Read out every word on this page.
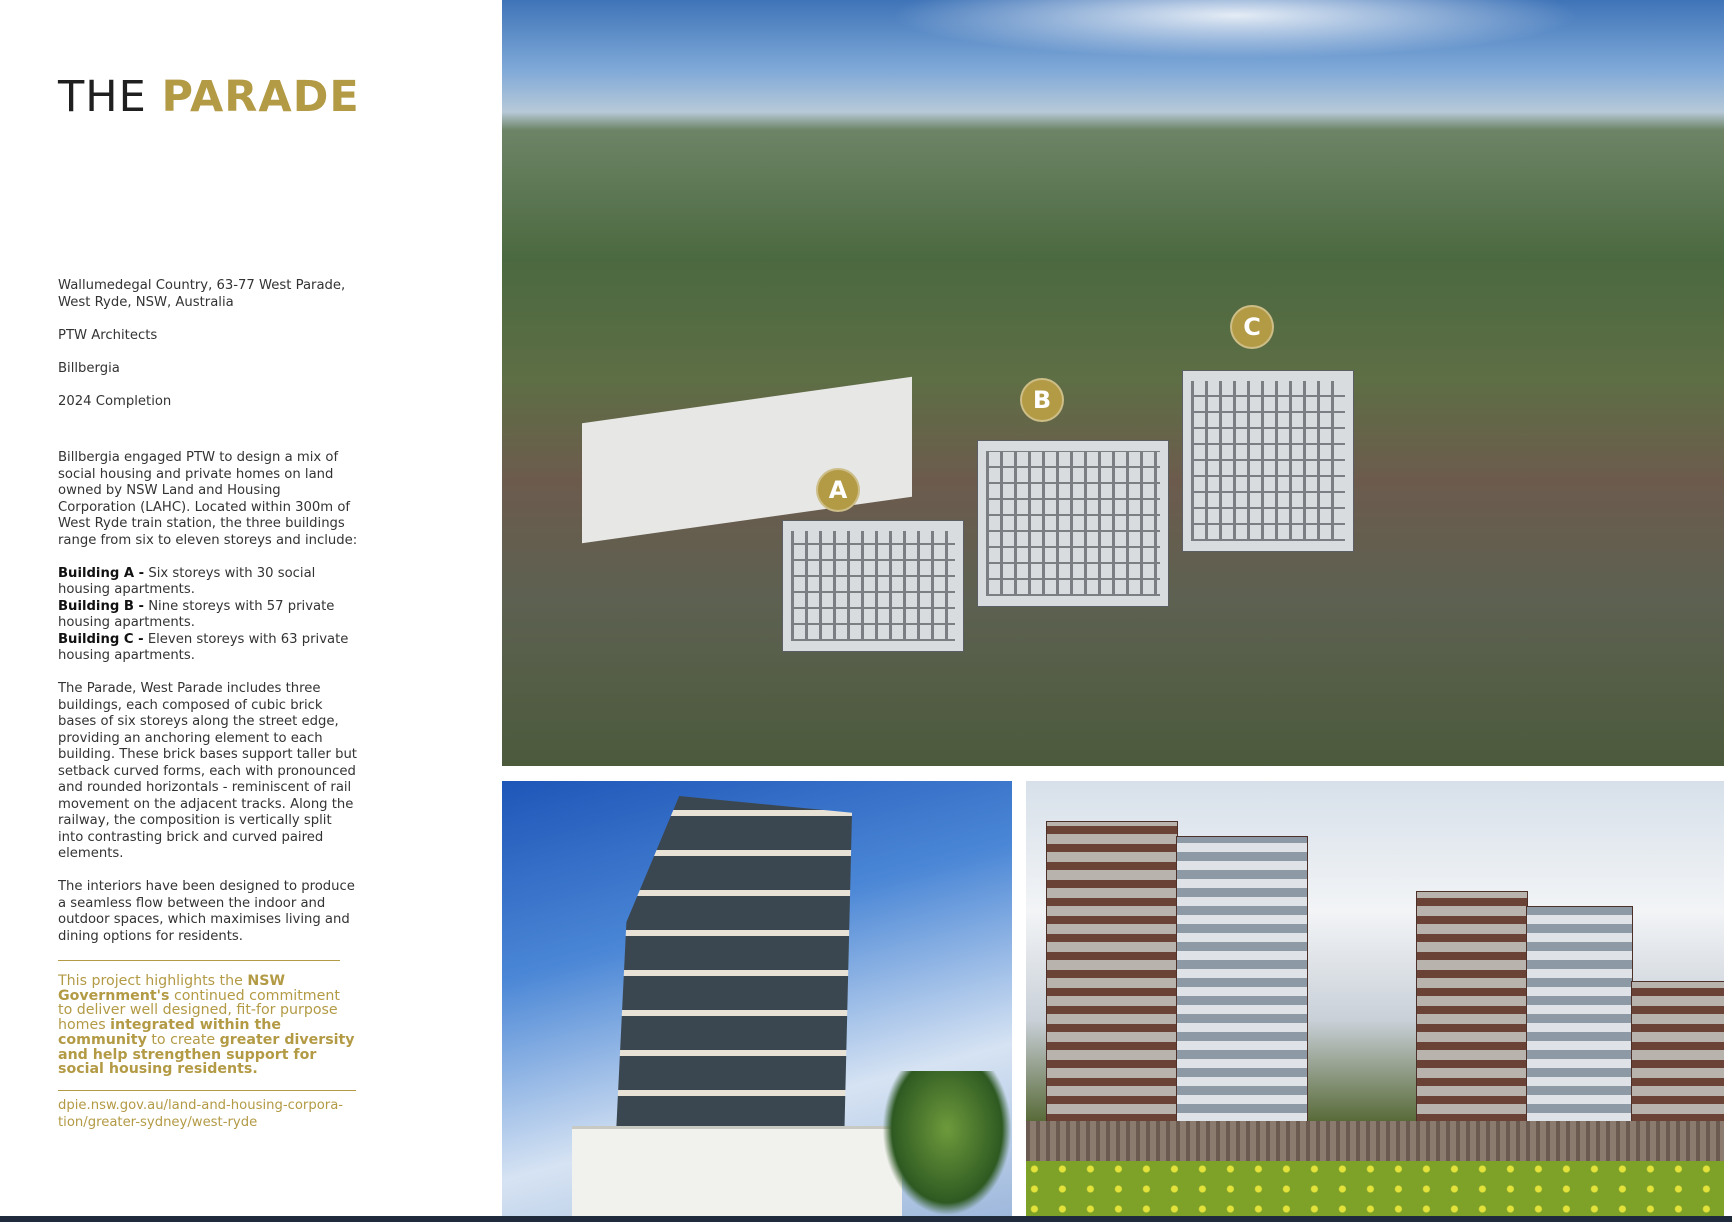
THE PARADE

Wallumedegal Country, 63-77 West Parade,
West Ryde, NSW, Australia

PTW Architects

Billbergia

2024 Completion

Billbergia engaged PTW to design a mix of social housing and private homes on land owned by NSW Land and Housing Corporation (LAHC). Located within 300m of West Ryde train station, the three buildings range from six to eleven storeys and include:

Building A - Six storeys with 30 social housing apartments.
Building B - Nine storeys with 57 private housing apartments.
Building C - Eleven storeys with 63 private housing apartments.

The Parade, West Parade includes three buildings, each composed of cubic brick bases of six storeys along the street edge, providing an anchoring element to each building. These brick bases support taller but setback curved forms, each with pronounced and rounded horizontals - reminiscent of rail movement on the adjacent tracks. Along the railway, the composition is vertically split into contrasting brick and curved paired elements.

The interiors have been designed to produce a seamless flow between the indoor and outdoor spaces, which maximises living and dining options for residents.

This project highlights the NSW Government's continued commitment to deliver well designed, fit-for purpose homes integrated within the community to create greater diversity and help strengthen support for social housing residents.
dpie.nsw.gov.au/land-and-housing-corpora-
tion/greater-sydney/west-ryde
A
B
C
